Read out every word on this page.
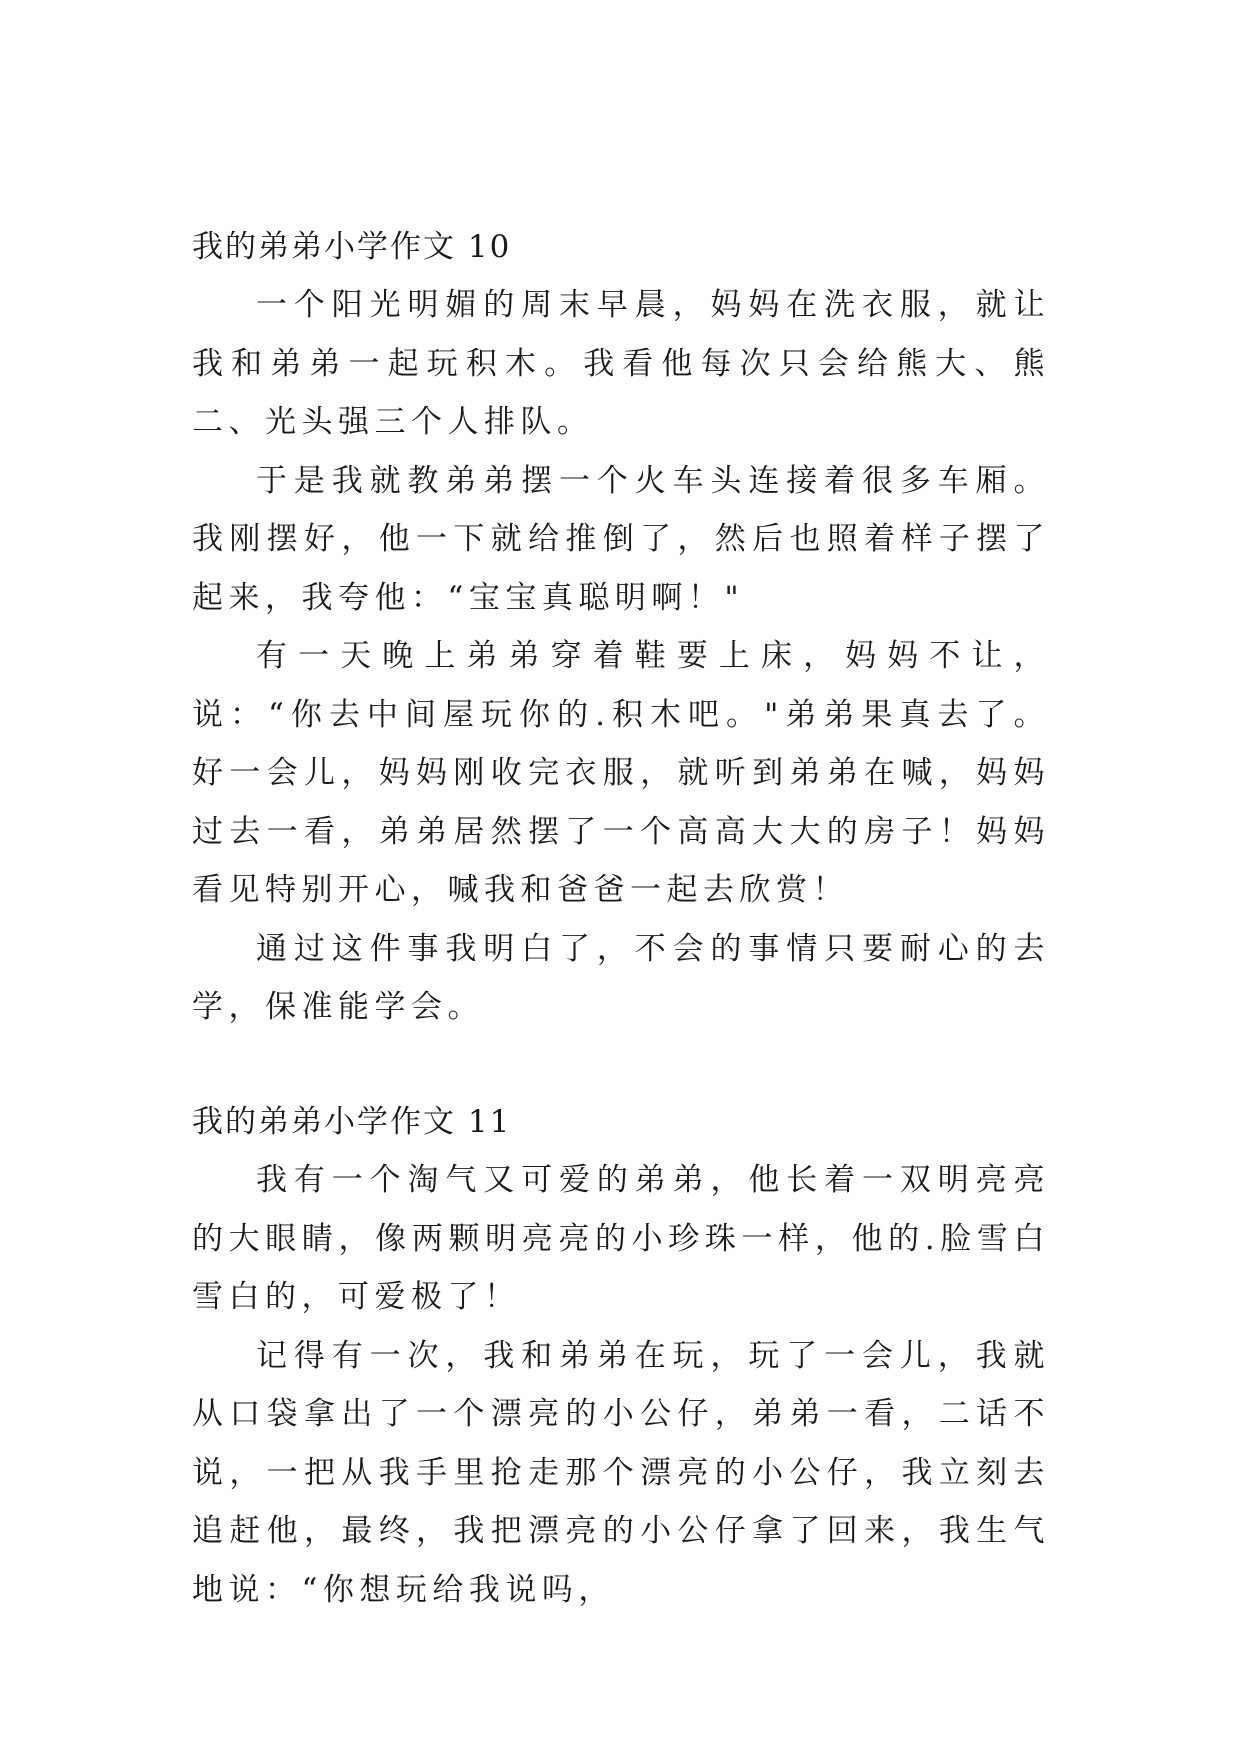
我的弟弟小学作文 10

一个阳光明媚的周末早晨，妈妈在洗衣服，就让我和弟弟一起玩积木。我看他每次只会给熊大、熊二、光头强三个人排队。

于是我就教弟弟摆一个火车头连接着很多车厢。我刚摆好，他一下就给推倒了，然后也照着样子摆了起来，我夸他：“宝宝真聪明啊！"

有一天晚上弟弟穿着鞋要上床，妈妈不让，说：“你去中间屋玩你的.积木吧。"弟弟果真去了。好一会儿，妈妈刚收完衣服，就听到弟弟在喊，妈妈过去一看，弟弟居然摆了一个高高大大的房子！妈妈看见特别开心，喊我和爸爸一起去欣赏！

通过这件事我明白了，不会的事情只要耐心的去学，保准能学会。

我的弟弟小学作文 11

我有一个淘气又可爱的弟弟，他长着一双明亮亮的大眼睛，像两颗明亮亮的小珍珠一样，他的.脸雪白雪白的，可爱极了！

记得有一次，我和弟弟在玩，玩了一会儿，我就从口袋拿出了一个漂亮的小公仔，弟弟一看，二话不说，一把从我手里抢走那个漂亮的小公仔，我立刻去追赶他，最终，我把漂亮的小公仔拿了回来，我生气地说：“你想玩给我说吗，
